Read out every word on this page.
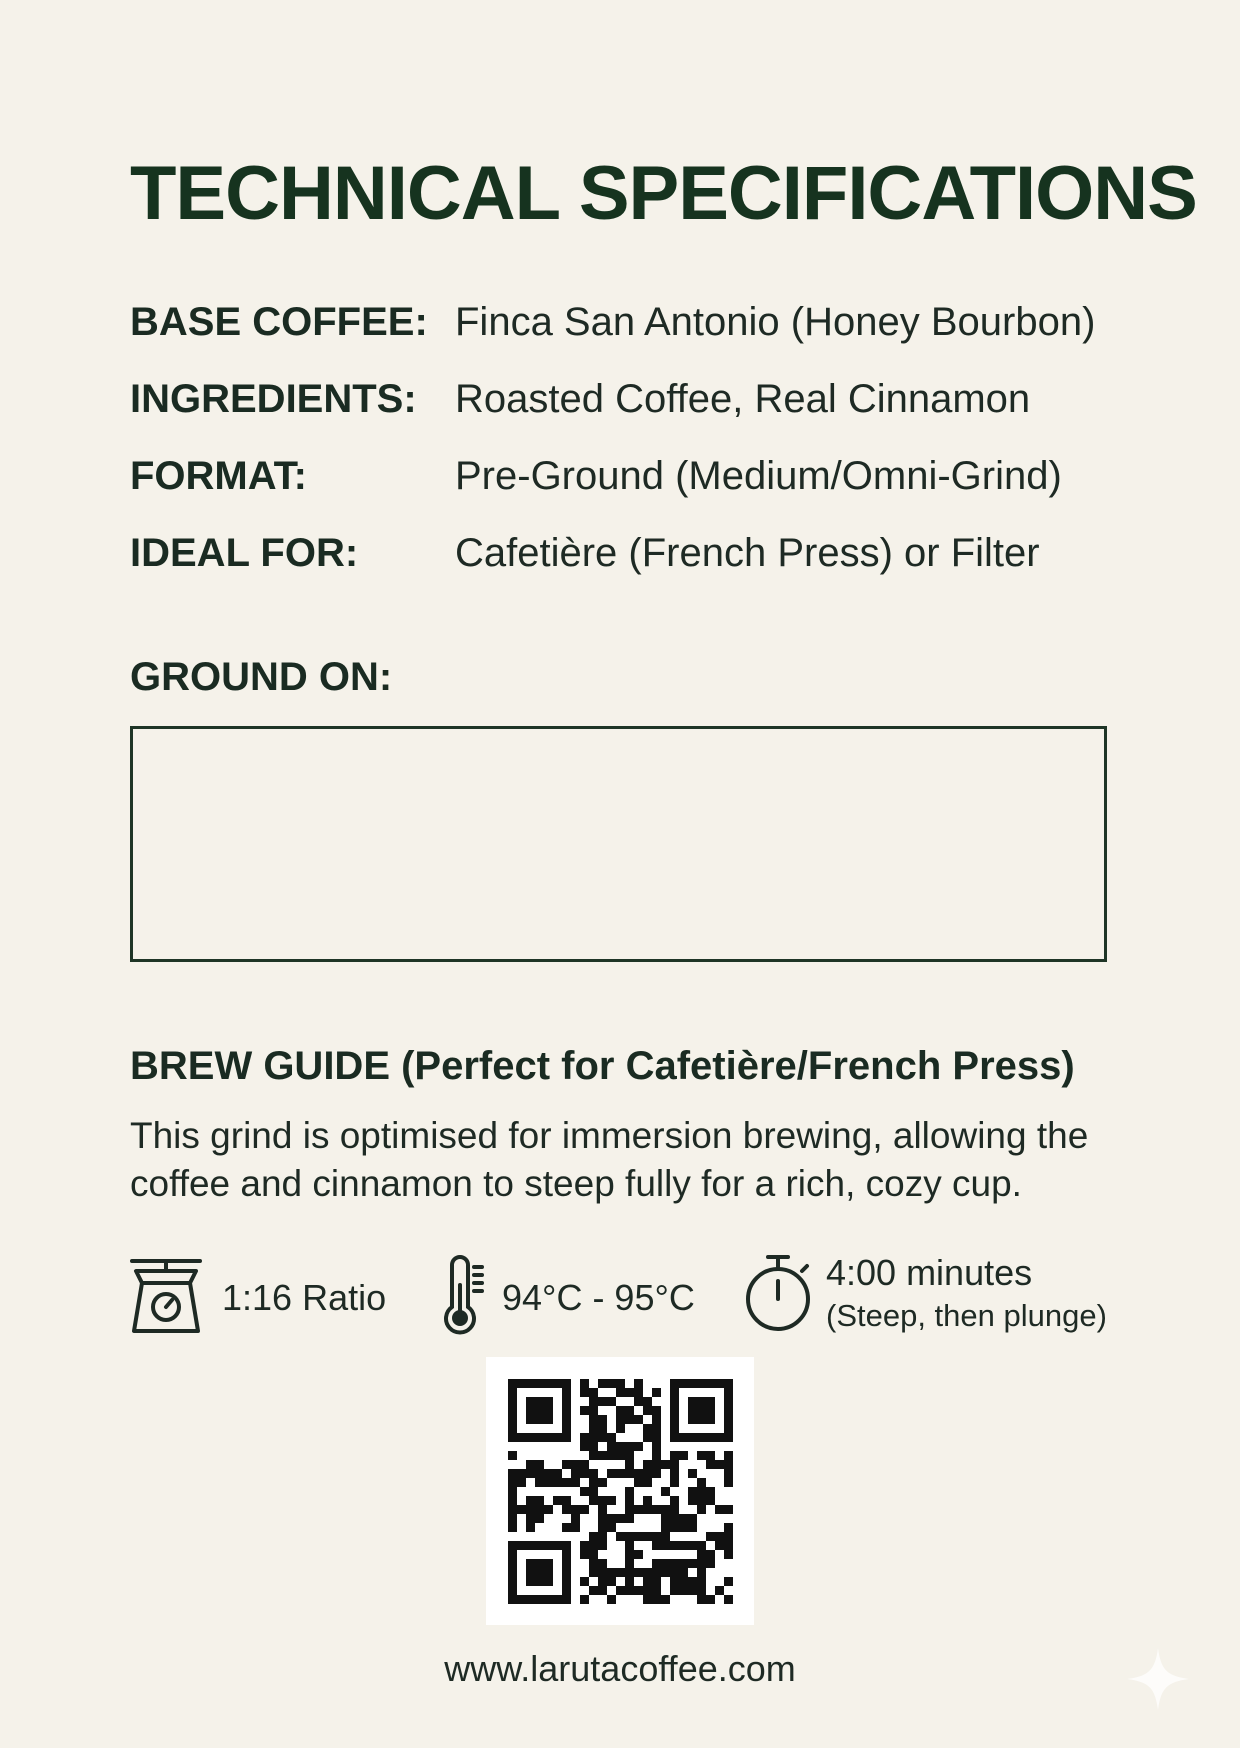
TECHNICAL SPECIFICATIONS
BASE COFFEE: Finca San Antonio (Honey Bourbon)
INGREDIENTS: Roasted Coffee, Real Cinnamon
FORMAT:	Pre-Ground (Medium/Omni-Grind)
IDEAL FOR:	Cafetière (French Press) or Filter
GROUND ON:
BREW GUIDE (Perfect for Cafetière/French Press)

This grind is optimised for immersion brewing, allowing the coffee and cinnamon to steep fully for a rich, cozy cup.

1:16 Ratio	94°C - 95°C
4:00 minutes
(Steep, then plunge)
www.larutacoffee.com
